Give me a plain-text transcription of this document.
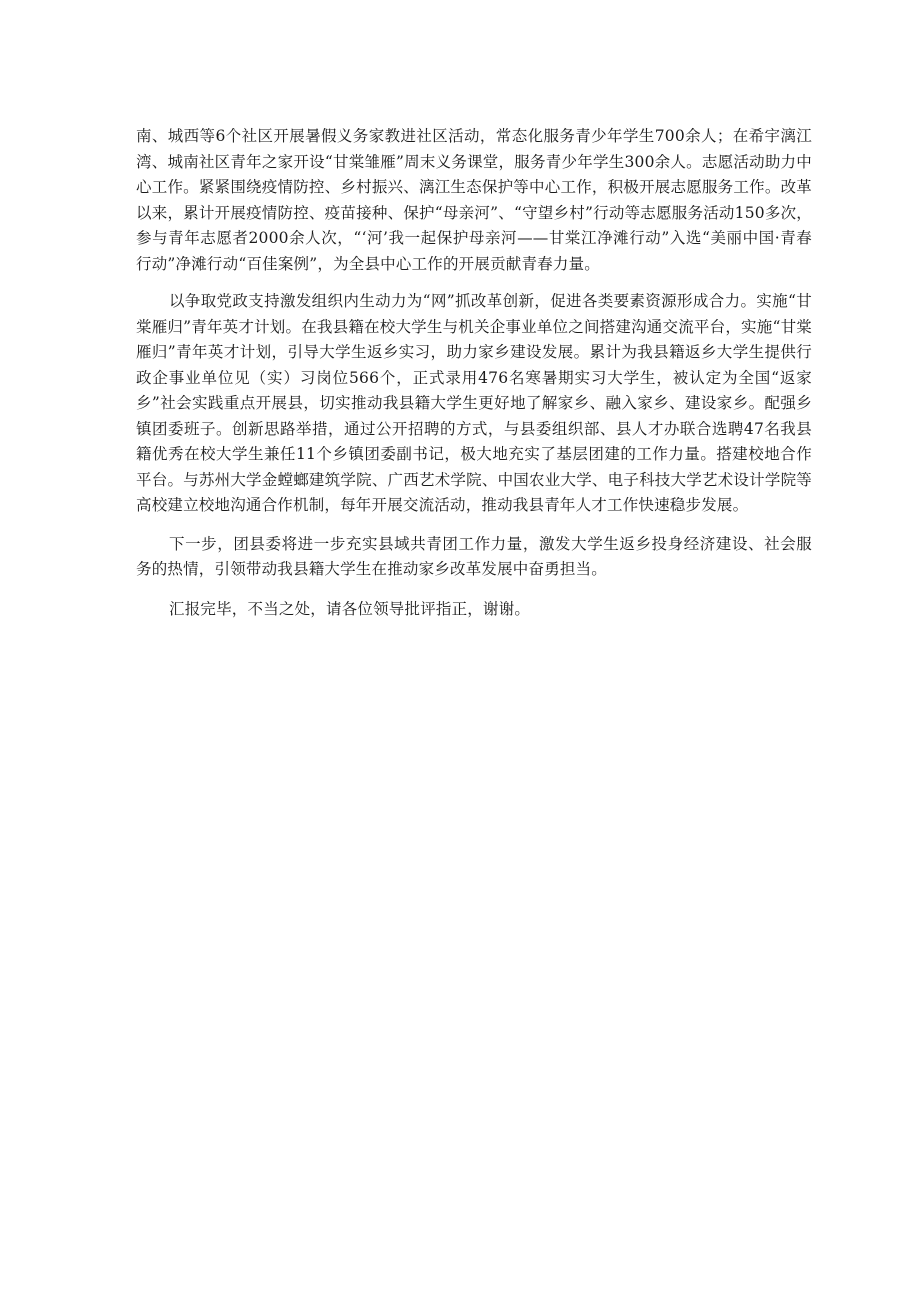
南、城西等6个社区开展暑假义务家教进社区活动，常态化服务青少年学生700余人；在希宇漓江湾、城南社区青年之家开设“甘棠雏雁”周末义务课堂，服务青少年学生300余人。志愿活动助力中心工作。紧紧围绕疫情防控、乡村振兴、漓江生态保护等中心工作，积极开展志愿服务工作。改革以来，累计开展疫情防控、疫苗接种、保护“母亲河”、“守望乡村”行动等志愿服务活动150多次，参与青年志愿者2000余人次，“‘河’我一起保护母亲河——甘棠江净滩行动”入选“美丽中国·青春行动”净滩行动“百佳案例”，为全县中心工作的开展贡献青春力量。

以争取党政支持激发组织内生动力为“网”抓改革创新，促进各类要素资源形成合力。实施“甘棠雁归”青年英才计划。在我县籍在校大学生与机关企事业单位之间搭建沟通交流平台，实施“甘棠雁归”青年英才计划，引导大学生返乡实习，助力家乡建设发展。累计为我县籍返乡大学生提供行政企事业单位见（实）习岗位566个，正式录用476名寒暑期实习大学生，被认定为全国“返家乡”社会实践重点开展县，切实推动我县籍大学生更好地了解家乡、融入家乡、建设家乡。配强乡镇团委班子。创新思路举措，通过公开招聘的方式，与县委组织部、县人才办联合选聘47名我县籍优秀在校大学生兼任11个乡镇团委副书记，极大地充实了基层团建的工作力量。搭建校地合作平台。与苏州大学金螳螂建筑学院、广西艺术学院、中国农业大学、电子科技大学艺术设计学院等高校建立校地沟通合作机制，每年开展交流活动，推动我县青年人才工作快速稳步发展。

下一步，团县委将进一步充实县域共青团工作力量，激发大学生返乡投身经济建设、社会服务的热情，引领带动我县籍大学生在推动家乡改革发展中奋勇担当。

汇报完毕，不当之处，请各位领导批评指正，谢谢。
